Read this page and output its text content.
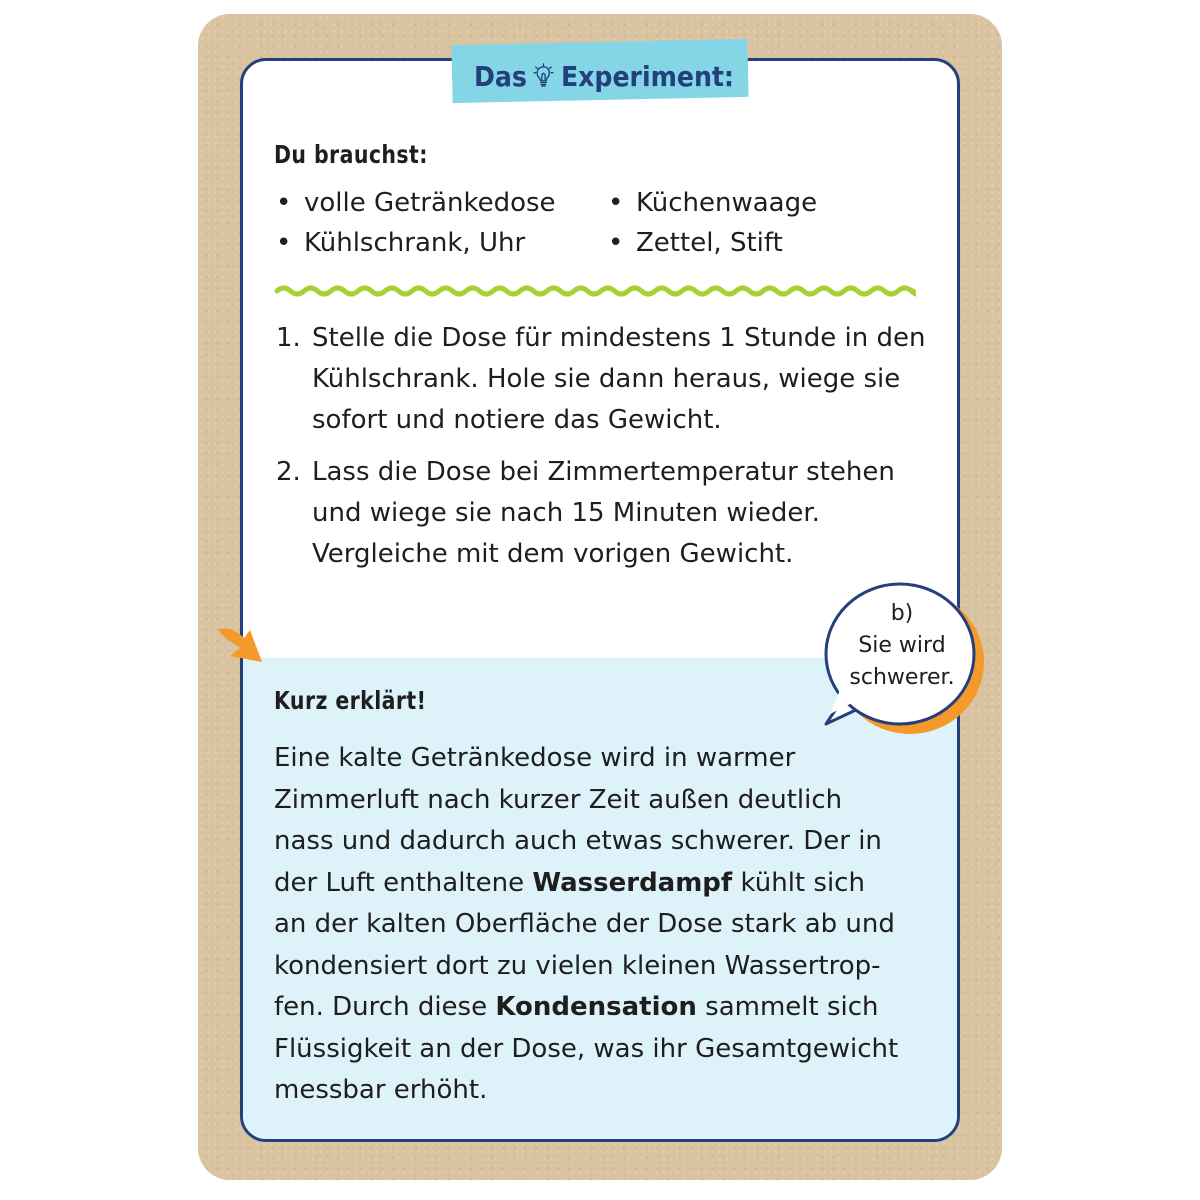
Das Experiment:
Du brauchst:
• volle Getränkedose • Küchenwaage
• Kühlschrank, Uhr	• Zettel, Stift
1. Stelle die Dose für mindestens 1 Stunde in den Kühlschrank. Hole sie dann heraus, wiege sie sofort und notiere das Gewicht.
2. Lass die Dose bei Zimmertemperatur stehen und wiege sie nach 15 Minuten wieder. Vergleiche mit dem vorigen Gewicht.
b)
Sie wird
schwerer.
Kurz erklärt!
Eine kalte Getränkedose wird in warmer
Zimmerluft nach kurzer Zeit außen deutlich
nass und dadurch auch etwas schwerer. Der in
der Luft enthaltene Wasserdampf kühlt sich
an der kalten Oberfläche der Dose stark ab und
kondensiert dort zu vielen kleinen Wassertrop-
fen. Durch diese Kondensation sammelt sich
Flüssigkeit an der Dose, was ihr Gesamtgewicht
messbar erhöht.
